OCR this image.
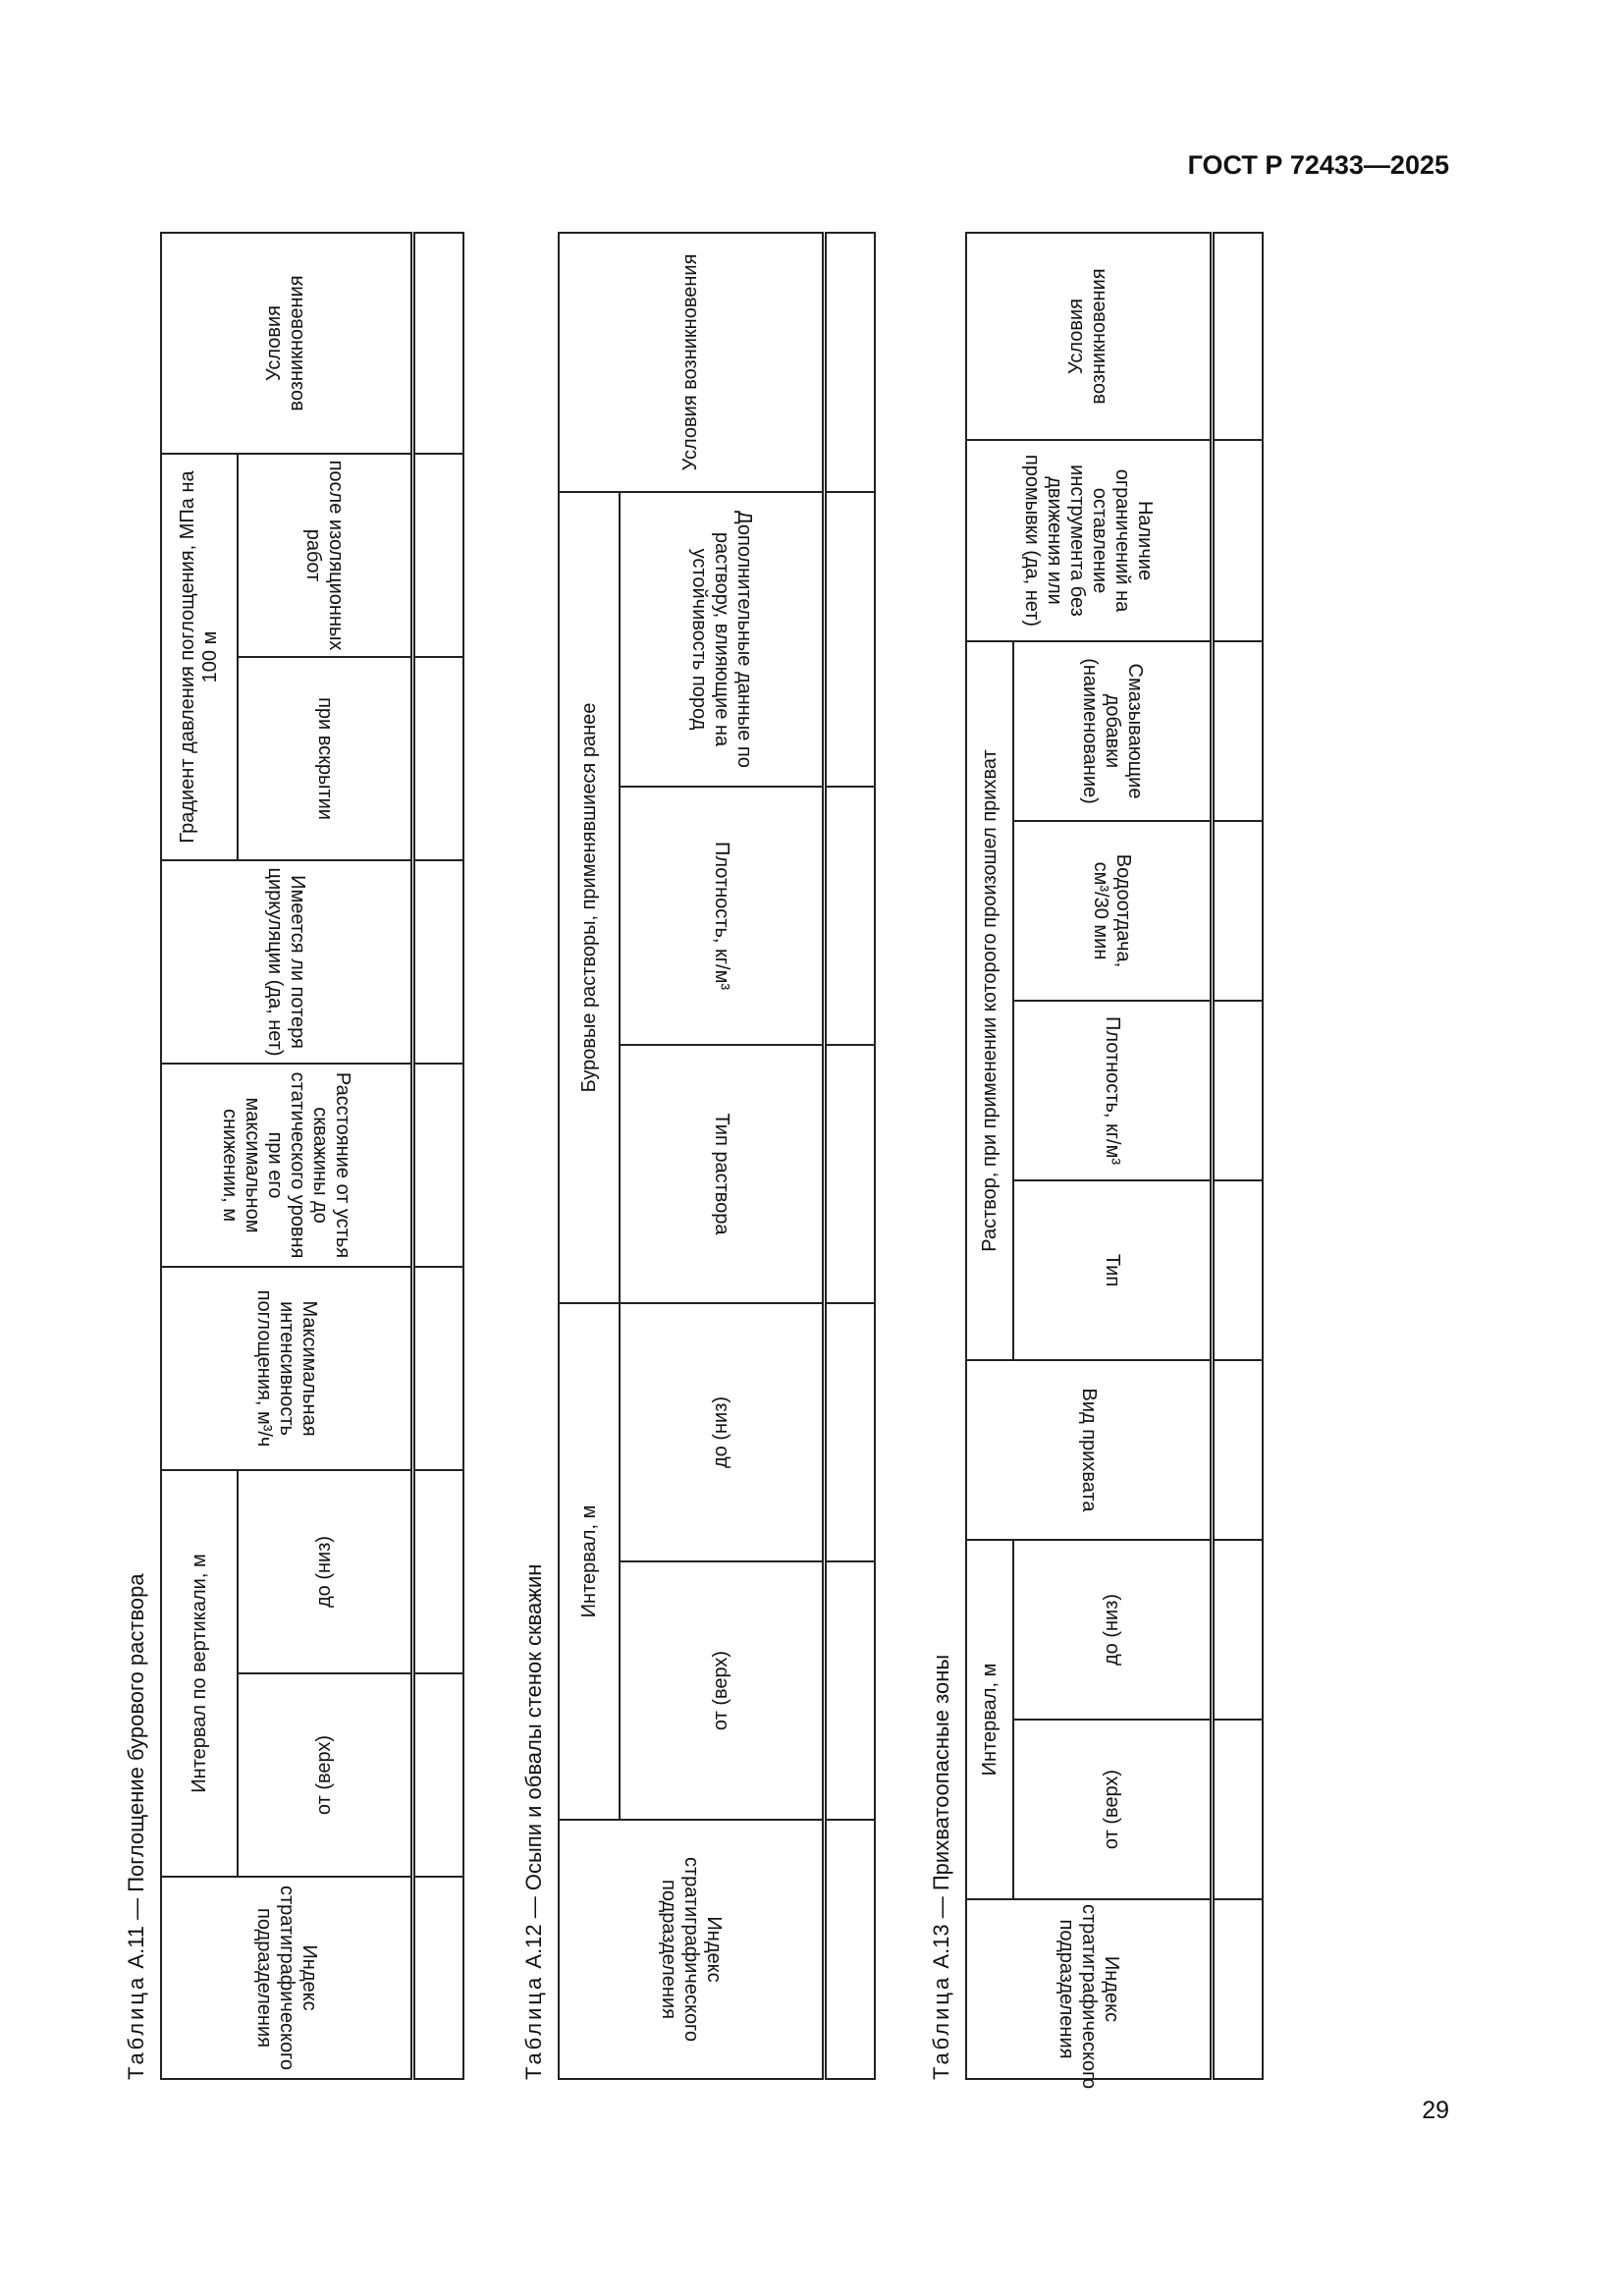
ГОСТ Р 72433—2025
Таблица А.11 — Поглощение бурового раствора
Индекс стратиграфического подразделения	Интервал по вертикали, м		Максимальная интенсивность поглощения, м³/ч	Расстояние от устья скважины до статического уровня при его максимальном снижении, м	Имеется ли потеря циркуляции (да, нет)	Градиент давления поглощения, МПа на 100 м		Условия возникновения
	от (верх)	до (низ)				при вскрытии	после изоляционных работ	

Таблица А.12 — Осыпи и обвалы стенок скважин	Индекс стратиграфического подразделения	Интервал, м		Буровые растворы, применявшиеся ранее			Условия возникновения
	от (верх)	до (низ)	Тип раствора	Плотность, кг/м³	Дополнительные данные по раствору, влияющие на устойчивость пород	

Таблица А.13 — Прихватоопасные зоны
Индекс стратиграфического подразделения	Интервал, м		Вид прихвата	Раствор, при применении которого произошел прихват				Наличие ограничений на оставление инструмента без движения или промывки (да, нет)	Условия возникновения
	от (верх)	до (низ)		Тип	Плотность, кг/м³	Водоотдача, см³/30 мин	Смазывающие добавки (наименование)		

29
